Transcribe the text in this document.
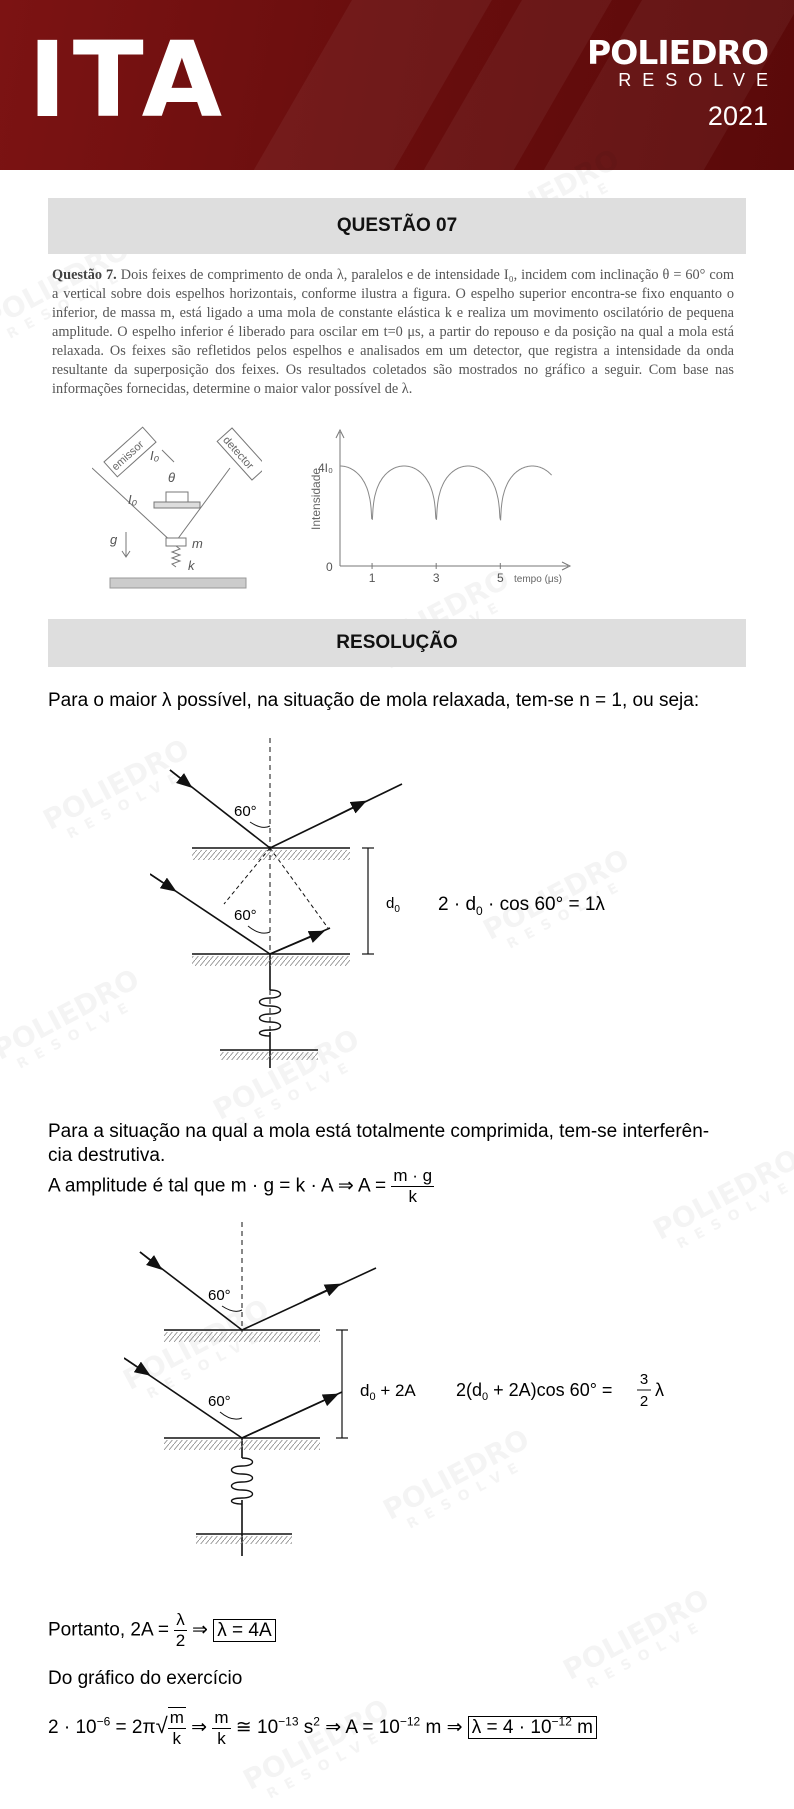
ITA	POLIEDRO
RESOLVE
2021
QUESTÃO 07
Questão 7. Dois feixes de comprimento de onda λ, paralelos e de intensidade I₀, incidem com inclinação θ = 60° com a vertical sobre dois espelhos horizontais, conforme ilustra a figura. O espelho superior encontra-se fixo enquanto o inferior, de massa m, está ligado a uma mola de constante elástica k e realiza um movimento oscilatório de pequena amplitude. O espelho inferior é liberado para oscilar em t=0 μs, a partir do repouso e da posição na qual a mola está relaxada. Os feixes são refletidos pelos espelhos e analisados em um detector, que registra a intensidade da onda resultante da superposição dos feixes. Os resultados coletados são mostrados no gráfico a seguir. Com base nas informações fornecidas, determine o maior valor possível de λ.
emissor	detector
I₀
I₀
θ
g	m
k
Intensidade
tempo (μs)
0
4I₀
1	3	5
RESOLUÇÃO
Para o maior λ possível, na situação de mola relaxada, tem-se n = 1, ou seja:
60°
60°
$d_0$ $2 \cdot d_0 \cdot \cos 60^\circ = 1\lambda$
Para a situação na qual a mola está totalmente comprimida, tem-se interferên-
cia destrutiva.
A amplitude é tal que m · g = k · A ⇒ $A = \frac{m \cdot g}{k}$
60°
60°
$d_0 + 2A$ $2(d_0 + 2A)\cos$ 60° =
3
2
λ
Portanto, $2A = \frac{\lambda}{2}$ ⇒ λ = 4A
Do gráfico do exercício
$2 \cdot 10^{-6} = 2\pi√ \frac{m}{k}$ ⇒ $\frac{m}{k}$ ≅ $10^{-13}$ $s^2$ ⇒ $A = 10^{-12}$ m ⇒ $\lambda = 4 \cdot 10^{-12}$ m
